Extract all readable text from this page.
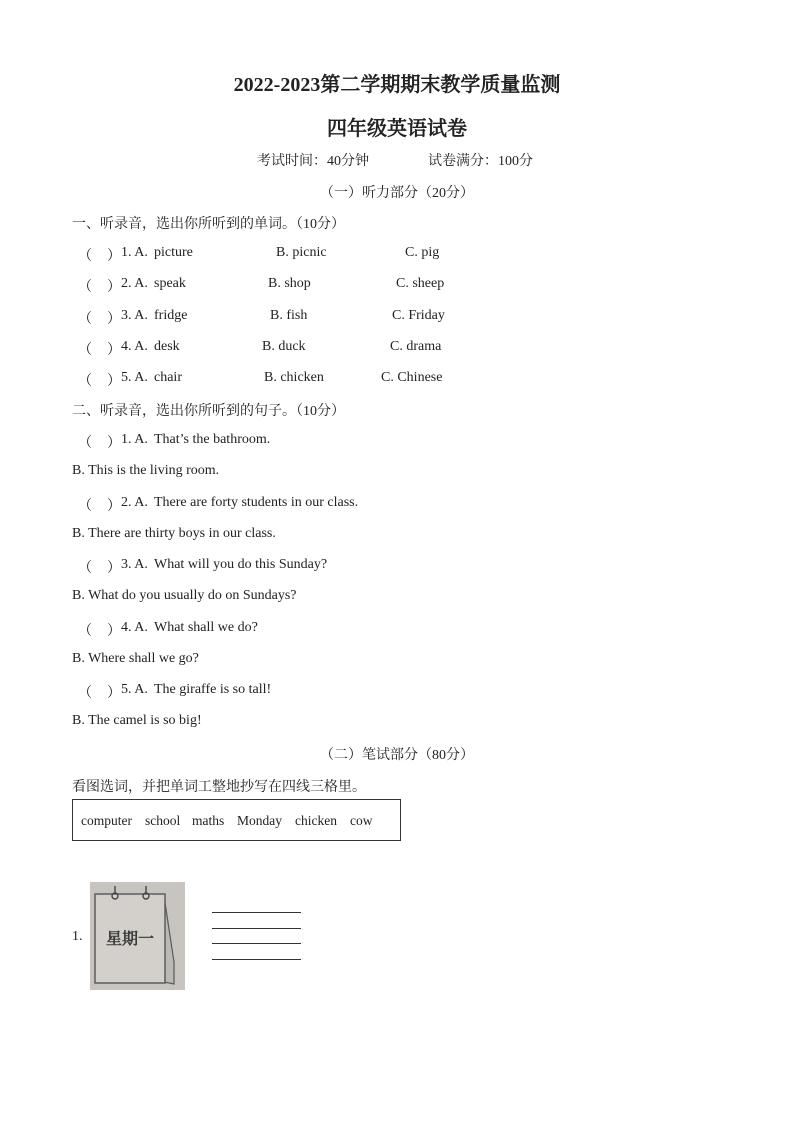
2022-2023第二学期期末教学质量监测
四年级英语试卷
考试时间：40分钟	试卷满分：100分
（一）听力部分（20分）
一、听录音，选出你所听到的单词。（10分）
（ ） 1. A. picture	B. picnic	C. pig
（ ） 2. A. speak	B. shop	C. sheep
（ ） 3. A. fridge	B. fish	C. Friday
（ ） 4. A. desk	B. duck	C. drama
（ ） 5. A. chair	B. chicken	C. Chinese
二、听录音，选出你所听到的句子。（10分）
（ ） 1. A. That’s the bathroom.
B. This is the living room.
（ ） 2. A. There are forty students in our class.
B. There are thirty boys in our class.
（ ） 3. A. What will you do this Sunday?
B. What do you usually do on Sundays?
（ ） 4. A. What shall we do?
B. Where shall we go?
（ ） 5. A. The giraffe is so tall!
B. The camel is so big!
（二）笔试部分（80分）
看图选词，并把单词工整地抄写在四线三格里。
computer school maths Monday chicken cow
1.	星期一
